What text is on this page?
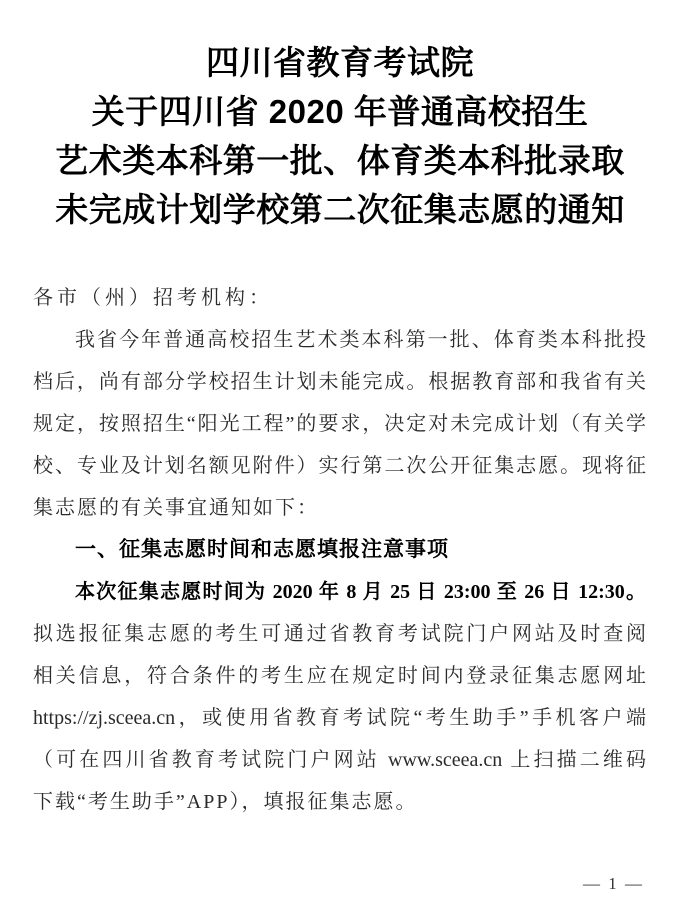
四川省教育考试院
关于四川省 2020 年普通高校招生
艺术类本科第一批、体育类本科批录取
未完成计划学校第二次征集志愿的通知
各市（州）招考机构：
我省今年普通高校招生艺术类本科第一批、体育类本科批投
档后，尚有部分学校招生计划未能完成。根据教育部和我省有关
规定，按照招生“阳光工程”的要求，决定对未完成计划（有关学
校、专业及计划名额见附件）实行第二次公开征集志愿。现将征
集志愿的有关事宜通知如下：
一、征集志愿时间和志愿填报注意事项
本次征集志愿时间为 2020 年 8 月 25 日 23:00 至 26 日 12:30。
拟选报征集志愿的考生可通过省教育考试院门户网站及时查阅
相关信息，符合条件的考生应在规定时间内登录征集志愿网址
https://zj.sceea.cn，或使用省教育考试院“考生助手”手机客户端
（可在四川省教育考试院门户网站 www.sceea.cn 上扫描二维码
下载“考生助手”APP），填报征集志愿。
— 1 —
